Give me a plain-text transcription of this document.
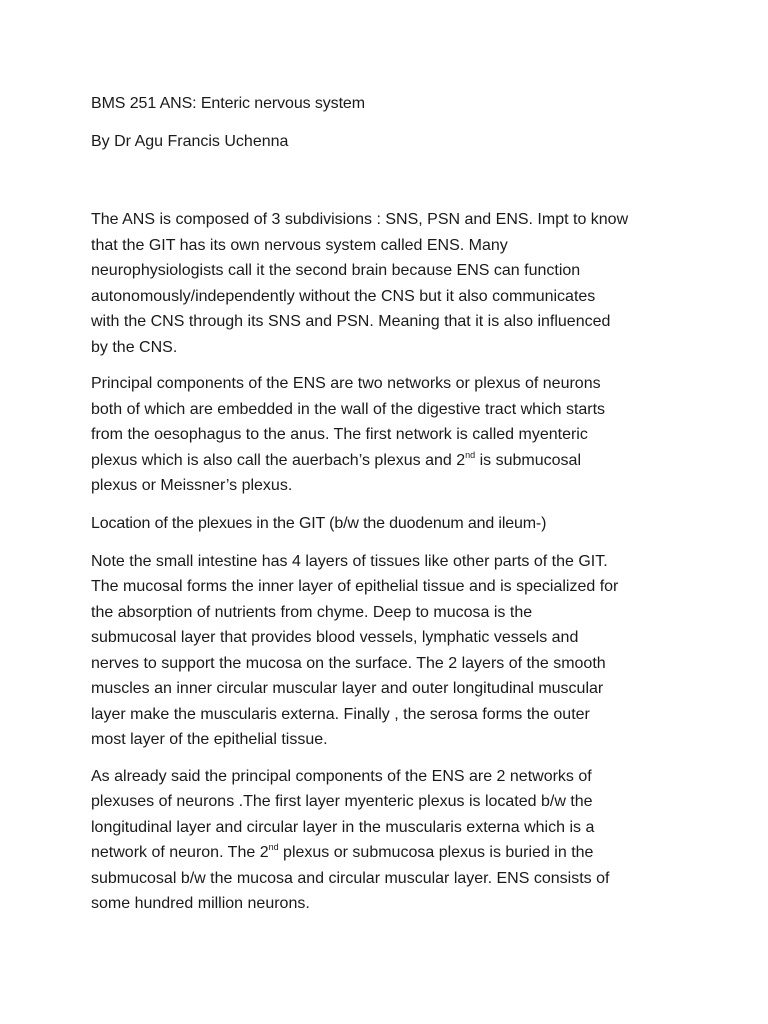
BMS 251 ANS: Enteric nervous system

By Dr Agu Francis Uchenna

The ANS is composed of 3 subdivisions : SNS, PSN and ENS. Impt to know
that the GIT has its own nervous system called ENS. Many
neurophysiologists call it the second brain because ENS can function
autonomously/independently without the CNS but it also communicates
with the CNS through its SNS and PSN. Meaning that it is also influenced
by the CNS.

Principal components of the ENS are two networks or plexus of neurons
both of which are embedded in the wall of the digestive tract which starts
from the oesophagus to the anus. The first network is called myenteric
plexus which is also call the auerbach’s plexus and 2nd is submucosal
plexus or Meissner’s plexus.

Location of the plexues in the GIT (b/w the duodenum and ileum-)

Note the small intestine has 4 layers of tissues like other parts of the GIT.
The mucosal forms the inner layer of epithelial tissue and is specialized for
the absorption of nutrients from chyme. Deep to mucosa is the
submucosal layer that provides blood vessels, lymphatic vessels and
nerves to support the mucosa on the surface. The 2 layers of the smooth
muscles an inner circular muscular layer and outer longitudinal muscular
layer make the muscularis externa. Finally , the serosa forms the outer
most layer of the epithelial tissue.

As already said the principal components of the ENS are 2 networks of
plexuses of neurons .The first layer myenteric plexus is located b/w the
longitudinal layer and circular layer in the muscularis externa which is a
network of neuron. The 2nd plexus or submucosa plexus is buried in the
submucosal b/w the mucosa and circular muscular layer. ENS consists of
some hundred million neurons.
